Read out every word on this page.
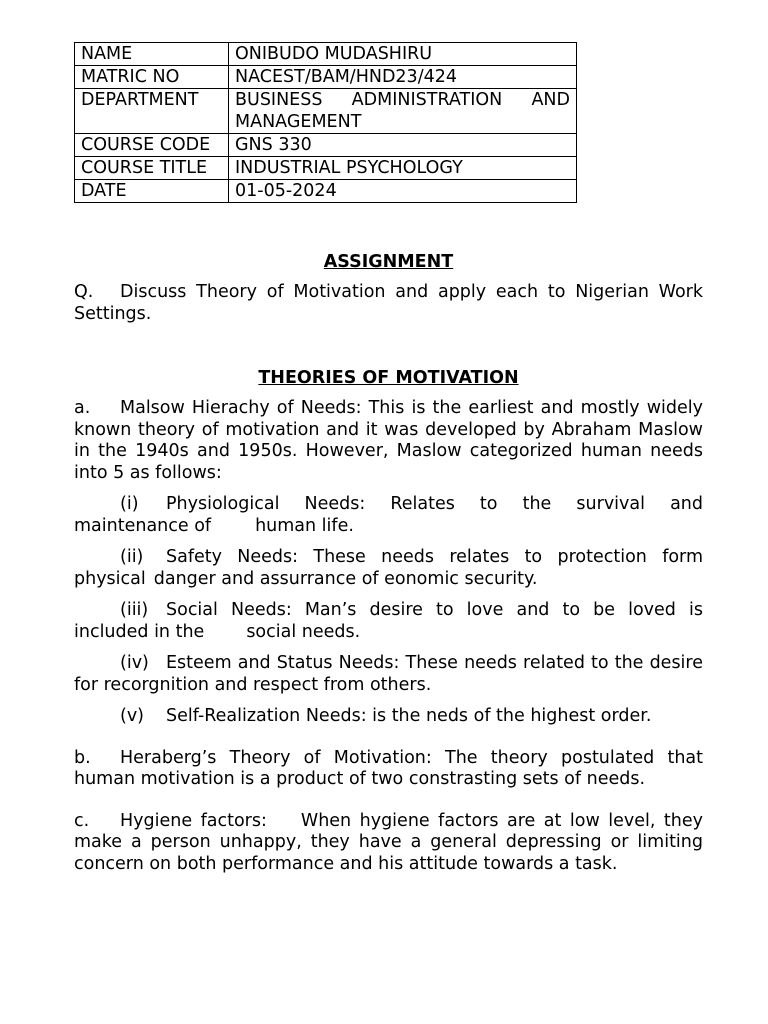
NAME	ONIBUDO MUDASHIRU
MATRIC NO	NACEST/BAM/HND23/424
DEPARTMENT	BUSINESS ADMINISTRATION AND MANAGEMENT
COURSE CODE	GNS 330
COURSE TITLE	INDUSTRIAL PSYCHOLOGY
DATE	01-05-2024
ASSIGNMENT

Q. Discuss Theory of Motivation and apply each to Nigerian Work Settings.

THEORIES OF MOTIVATION

a. Malsow Hierachy of Needs: This is the earliest and mostly widely known theory of motivation and it was developed by Abraham Maslow in the 1940s and 1950s. However, Maslow categorized human needs into 5 as follows:

(i) Physiological Needs: Relates to the survival and maintenance of	human life.

(ii) Safety Needs: These needs relates to protection form physical danger and assurrance of eonomic security.

(iii) Social Needs: Man’s desire to love and to be loved is included in the social needs.

(iv) Esteem and Status Needs: These needs related to the desire for recorgnition and respect from others.

(v) Self-Realization Needs: is the neds of the highest order.

b. Heraberg’s Theory of Motivation: The theory postulated that human motivation is a product of two constrasting sets of needs.

c. Hygiene factors: When hygiene factors are at low level, they make a person unhappy, they have a general depressing or limiting concern on both performance and his attitude towards a task.
